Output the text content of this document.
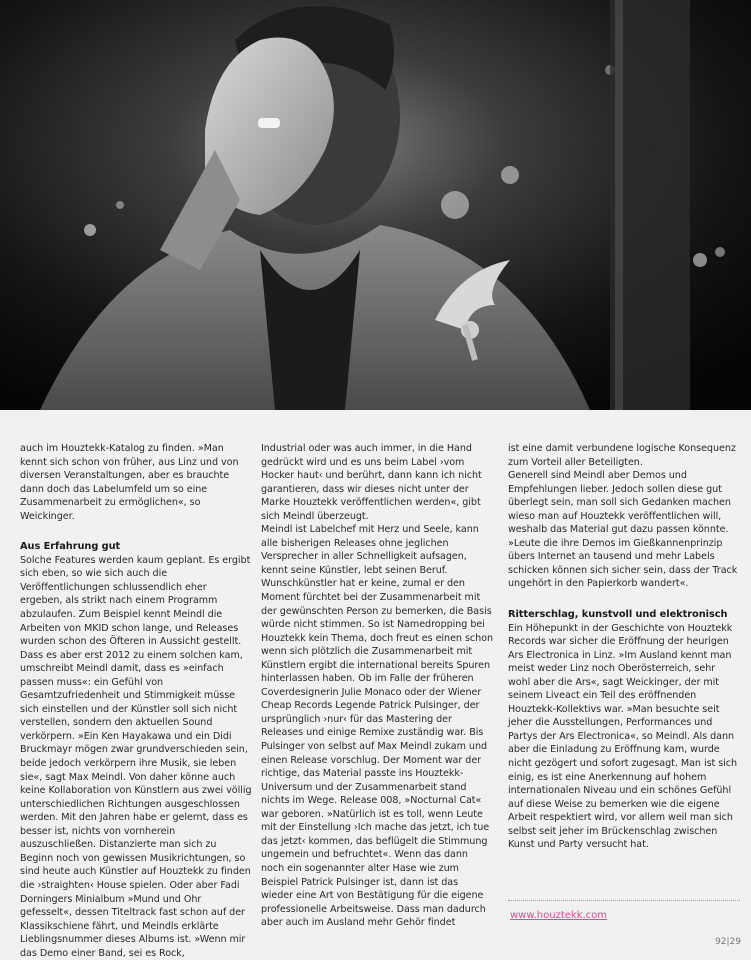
auch im Houztekk-Katalog zu finden. »Man kennt sich schon von früher, aus Linz und von diversen Veranstaltungen, aber es brauchte dann doch das Labelumfeld um so eine Zusammenarbeit zu ermöglichen«, so Weickinger.

Aus Erfahrung gut

Solche Features werden kaum geplant. Es ergibt sich eben, so wie sich auch die Veröffentlichungen schlussendlich eher ergeben, als strikt nach einem Programm abzulaufen. Zum Beispiel kennt Meindl die Arbeiten von MKID schon lange, und Releases wurden schon des Öfteren in Aussicht gestellt. Dass es aber erst 2012 zu einem solchen kam, umschreibt Meindl damit, dass es »einfach passen muss«: ein Gefühl von Gesamtzufriedenheit und Stimmigkeit müsse sich einstellen und der Künstler soll sich nicht verstellen, sondern den aktuellen Sound verkörpern. »Ein Ken Hayakawa und ein Didi Bruckmayr mögen zwar grundverschieden sein, beide jedoch verkörpern ihre Musik, sie leben sie«, sagt Max Meindl. Von daher könne auch keine Kollaboration von Künstlern aus zwei völlig unterschiedlichen Richtungen ausgeschlossen werden. Mit den Jahren habe er gelernt, dass es besser ist, nichts von vornherein auszuschließen. Distanzierte man sich zu Beginn noch von gewissen Musikrichtungen, so sind heute auch Künstler auf Houztekk zu finden die ›straighten‹ House spielen. Oder aber Fadi Dorningers Minialbum »Mund und Ohr gefesselt«, dessen Titeltrack fast schon auf der Klassikschiene fährt, und Meindls erklärte Lieblingsnummer dieses Albums ist. »Wenn mir das Demo einer Band, sei es Rock,

Industrial oder was auch immer, in die Hand gedrückt wird und es uns beim Label ›vom Hocker haut‹ und berührt, dann kann ich nicht garantieren, dass wir dieses nicht unter der Marke Houztekk veröffentlichen werden«, gibt sich Meindl überzeugt.

Meindl ist Labelchef mit Herz und Seele, kann alle bisherigen Releases ohne jeglichen Versprecher in aller Schnelligkeit aufsagen, kennt seine Künstler, lebt seinen Beruf. Wunschkünstler hat er keine, zumal er den Moment fürchtet bei der Zusammenarbeit mit der gewünschten Person zu bemerken, die Basis würde nicht stimmen. So ist Namedropping bei Houztekk kein Thema, doch freut es einen schon wenn sich plötzlich die Zusammenarbeit mit Künstlern ergibt die international bereits Spuren hinterlassen haben. Ob im Falle der früheren Coverdesignerin Julie Monaco oder der Wiener Cheap Records Legende Patrick Pulsinger, der ursprünglich ›nur‹ für das Mastering der Releases und einige Remixe zuständig war. Bis Pulsinger von selbst auf Max Meindl zukam und einen Release vorschlug. Der Moment war der richtige, das Material passte ins Houztekk-Universum und der Zusammenarbeit stand nichts im Wege. Release 008, »Nocturnal Cat« war geboren. »Natürlich ist es toll, wenn Leute mit der Einstellung ›Ich mache das jetzt, ich tue das jetzt‹ kommen, das beflügelt die Stimmung ungemein und befruchtet«. Wenn das dann noch ein sogenannter alter Hase wie zum Beispiel Patrick Pulsinger ist, dann ist das wieder eine Art von Bestätigung für die eigene professionelle Arbeitsweise. Dass man dadurch aber auch im Ausland mehr Gehör findet

ist eine damit verbundene logische Konsequenz zum Vorteil aller Beteiligten.

Generell sind Meindl aber Demos und Empfehlungen lieber. Jedoch sollen diese gut überlegt sein, man soll sich Gedanken machen wieso man auf Houztekk veröffentlichen will, weshalb das Material gut dazu passen könnte. »Leute die ihre Demos im Gießkannenprinzip übers Internet an tausend und mehr Labels schicken können sich sicher sein, dass der Track ungehört in den Papierkorb wandert«.

Ritterschlag, kunstvoll und elektronisch

Ein Höhepunkt in der Geschichte von Houztekk Records war sicher die Eröffnung der heurigen Ars Electronica in Linz. »Im Ausland kennt man meist weder Linz noch Oberösterreich, sehr wohl aber die Ars«, sagt Weickinger, der mit seinem Liveact ein Teil des eröffnenden Houztekk-Kollektivs war. »Man besuchte seit jeher die Ausstellungen, Performances und Partys der Ars Electronica«, so Meindl. Als dann aber die Einladung zu Eröffnung kam, wurde nicht gezögert und sofort zugesagt. Man ist sich einig, es ist eine Anerkennung auf hohem internationalen Niveau und ein schönes Gefühl auf diese Weise zu bemerken wie die eigene Arbeit respektiert wird, vor allem weil man sich selbst seit jeher im Brückenschlag zwischen Kunst und Party versucht hat.

www.houztekk.com
92|29
